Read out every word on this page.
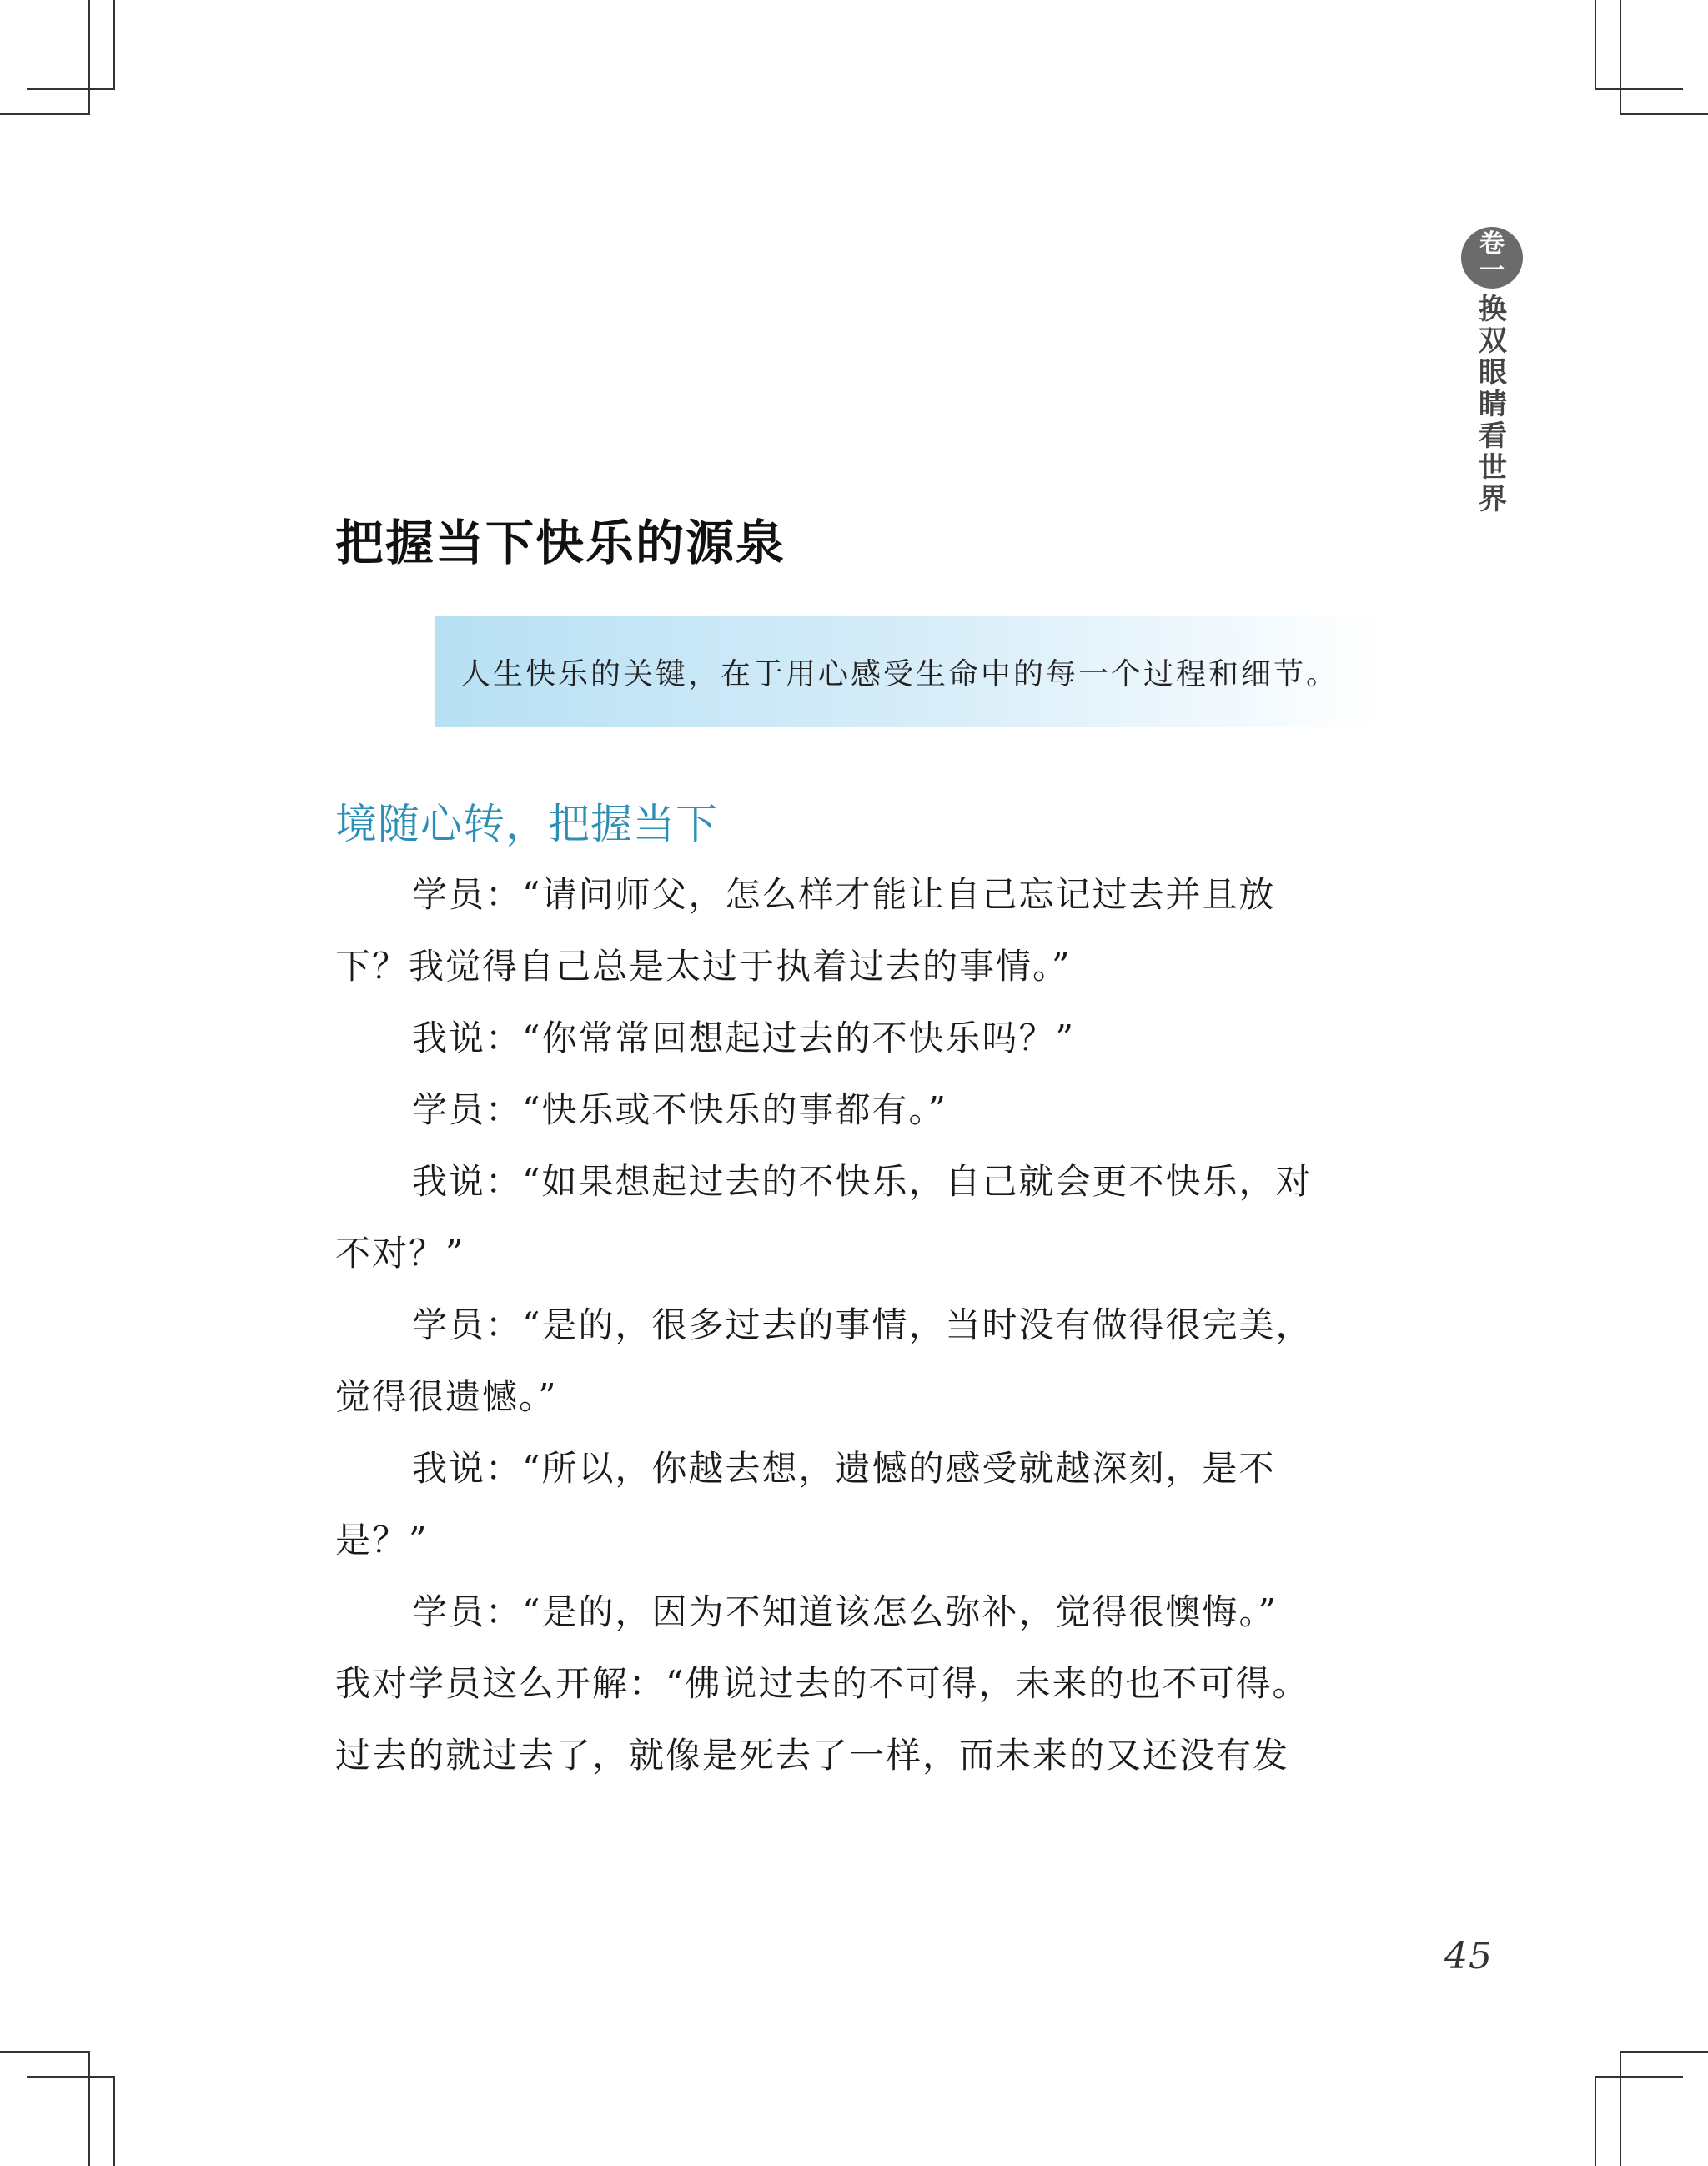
卷
一
换
双
眼
睛
看
世
界
把握当下快乐的源泉
人生快乐的关键，在于用心感受生命中的每一个过程和细节。
境随心转，把握当下
学员：“请问师父，怎么样才能让自己忘记过去并且放
下？我觉得自己总是太过于执着过去的事情。”
我说：“你常常回想起过去的不快乐吗？”
学员：“快乐或不快乐的事都有。”
我说：“如果想起过去的不快乐，自己就会更不快乐，对
不对？”
学员：“是的，很多过去的事情，当时没有做得很完美，
觉得很遗憾。”
我说：“所以，你越去想，遗憾的感受就越深刻，是不
是？”
学员：“是的，因为不知道该怎么弥补，觉得很懊悔。”
我对学员这么开解：“佛说过去的不可得，未来的也不可得。
过去的就过去了，就像是死去了一样，而未来的又还没有发
45
